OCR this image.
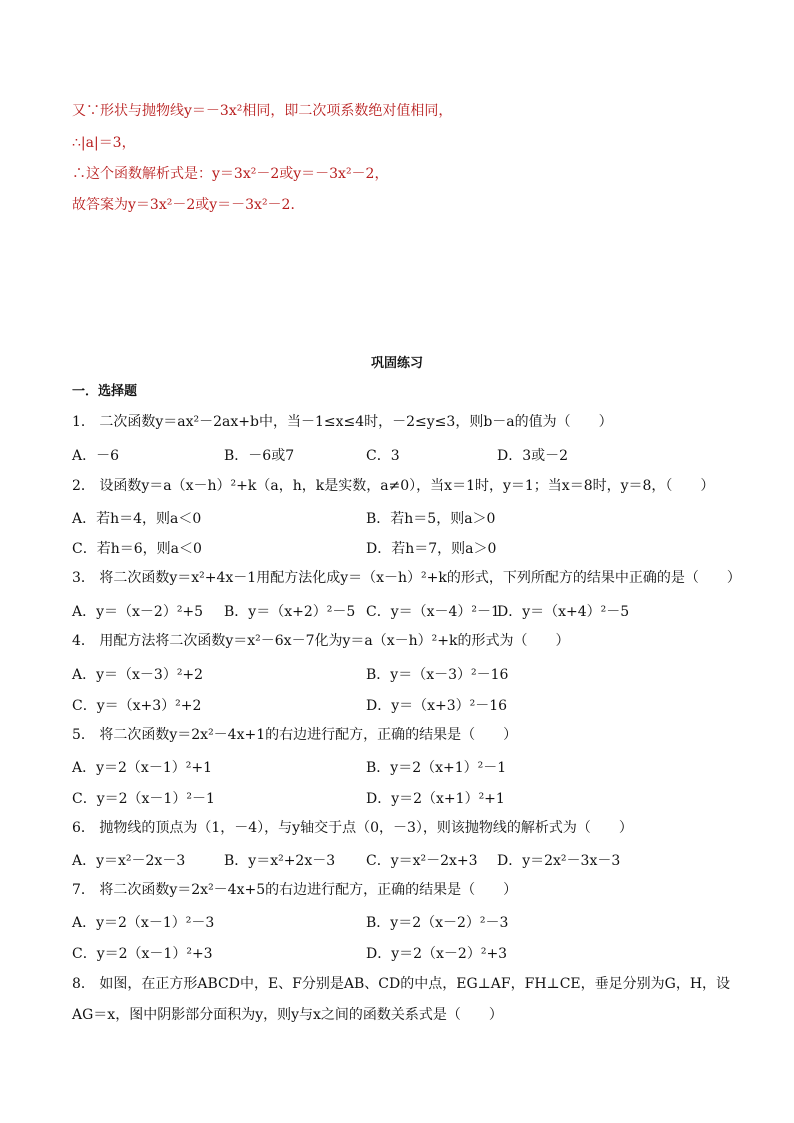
又∵形状与抛物线y＝－3x²相同，即二次项系数绝对值相同，
∴|a|＝3，
∴这个函数解析式是：y＝3x²－2或y＝－3x²－2，
故答案为y＝3x²－2或y＝－3x²－2．
巩固练习
一．选择题
1． 二次函数y＝ax²－2ax+b中，当－1≤x≤4时，－2≤y≤3，则b－a的值为（　　）
A．－6	B．－6或7	C．3	D．3或－2
2． 设函数y＝a（x－h）²+k（a，h，k是实数，a≠0），当x＝1时，y＝1；当x＝8时，y＝8，（　　）
A．若h＝4，则a＜0	B．若h＝5，则a＞0
C．若h＝6，则a＜0	D．若h＝7，则a＞0
3． 将二次函数y＝x²+4x－1用配方法化成y＝（x－h）²+k的形式，下列所配方的结果中正确的是（　　）
A．y＝（x－2）²+5 B．y＝（x+2）²－5 C．y＝（x－4）²－1
D．y＝（x+4）²－5
4． 用配方法将二次函数y＝x²－6x－7化为y＝a（x－h）²+k的形式为（　　）
A．y＝（x－3）²+2	B．y＝（x－3）²－16
C．y＝（x+3）²+2	D．y＝（x+3）²－16
5． 将二次函数y＝2x²－4x+1的右边进行配方，正确的结果是（　　）
A．y＝2（x－1）²+1	B．y＝2（x+1）²－1
C．y＝2（x－1）²－1	D．y＝2（x+1）²+1
6． 抛物线的顶点为（1，－4），与y轴交于点（0，－3），则该抛物线的解析式为（　　）
A．y＝x²－2x－3	B．y＝x²+2x－3 C．y＝x²－2x+3 D．y＝2x²－3x－3
7． 将二次函数y＝2x²－4x+5的右边进行配方，正确的结果是（　　）
A．y＝2（x－1）²－3	B．y＝2（x－2）²－3
C．y＝2（x－1）²+3	D．y＝2（x－2）²+3
8． 如图，在正方形ABCD中，E、F分别是AB、CD的中点，EG⊥AF，FH⊥CE，垂足分别为G，H，设
AG＝x，图中阴影部分面积为y，则y与x之间的函数关系式是（　　）
